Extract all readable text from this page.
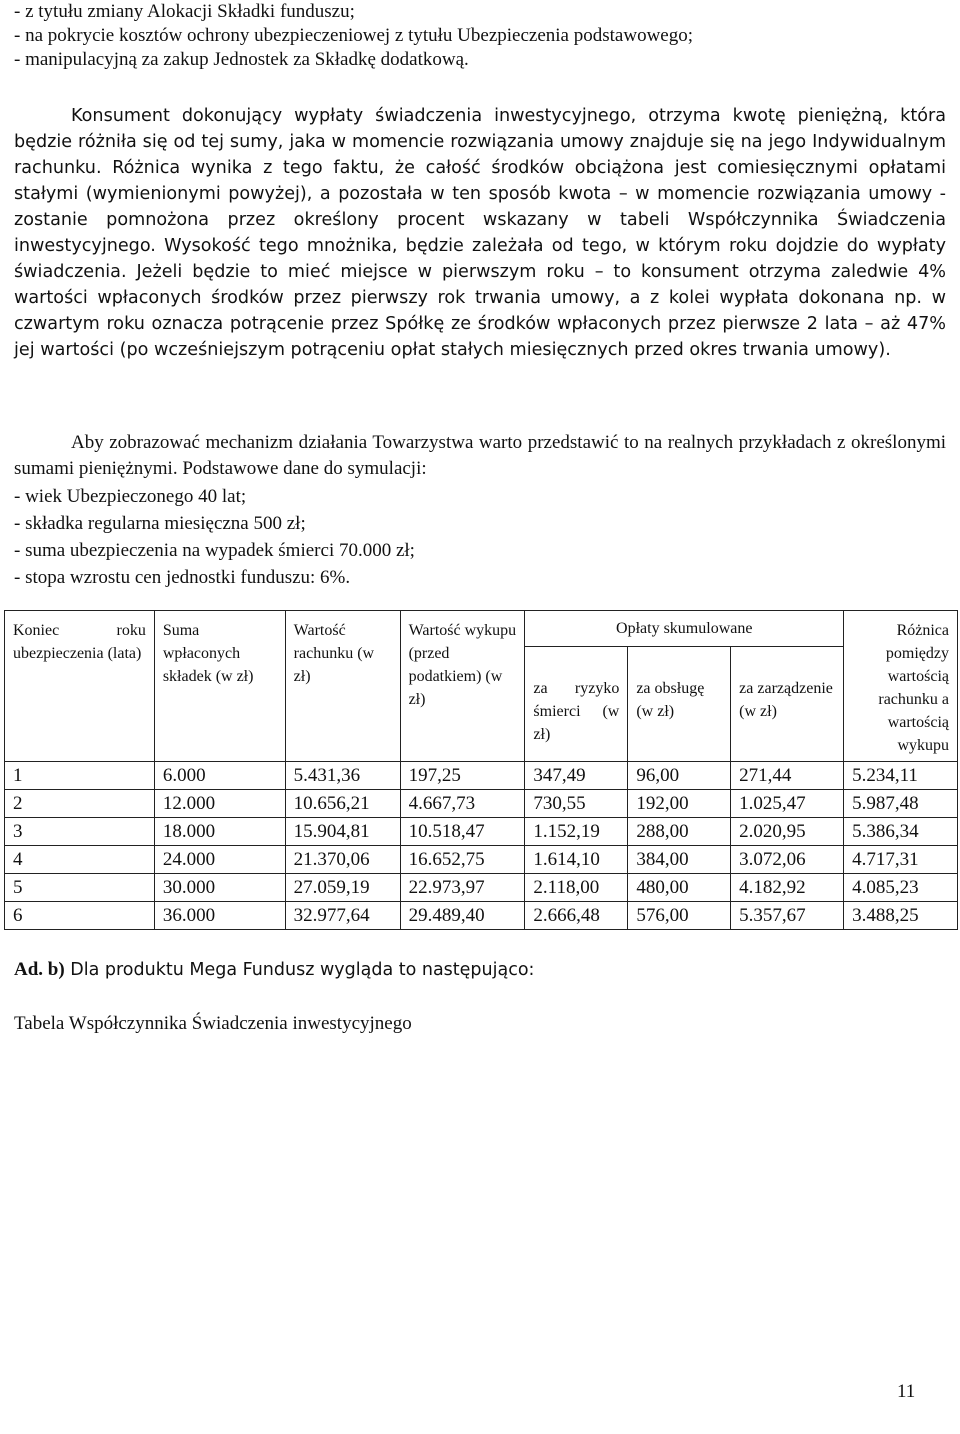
- z tytułu zmiany Alokacji Składki funduszu;
- na pokrycie kosztów ochrony ubezpieczeniowej z tytułu Ubezpieczenia podstawowego;
- manipulacyjną za zakup Jednostek za Składkę dodatkową.

Konsument dokonujący wypłaty świadczenia inwestycyjnego, otrzyma kwotę pieniężną, która będzie różniła się od tej sumy, jaka w momencie rozwiązania umowy znajduje się na jego Indywidualnym rachunku. Różnica wynika z tego faktu, że całość środków obciążona jest comiesięcznymi opłatami stałymi (wymienionymi powyżej), a pozostała w ten sposób kwota – w momencie rozwiązania umowy - zostanie pomnożona przez określony procent wskazany w tabeli Współczynnika Świadczenia inwestycyjnego. Wysokość tego mnożnika, będzie zależała od tego, w którym roku dojdzie do wypłaty świadczenia. Jeżeli będzie to mieć miejsce w pierwszym roku – to konsument otrzyma zaledwie 4% wartości wpłaconych środków przez pierwszy rok trwania umowy, a z kolei wypłata dokonana np. w czwartym roku oznacza potrącenie przez Spółkę ze środków wpłaconych przez pierwsze 2 lata – aż 47% jej wartości (po wcześniejszym potrąceniu opłat stałych miesięcznych przed okres trwania umowy).

Aby zobrazować mechanizm działania Towarzystwa warto przedstawić to na realnych przykładach z określonymi sumami pieniężnymi. Podstawowe dane do symulacji:

- wiek Ubezpieczonego 40 lat;
- składka regularna miesięczna 500 zł;
- suma ubezpieczenia na wypadek śmierci 70.000 zł;
- stopa wzrostu cen jednostki funduszu: 6%.
Koniec roku ubezpieczenia (lata)	Suma wpłaconych składek (w zł)	Wartość rachunku (w zł)	Wartość wykupu (przed podatkiem) (w zł)	Opłaty skumulowane			Różnica pomiędzy wartością rachunku a wartością wykupu
				za ryzyko śmierci (w zł)	za obsługę (w zł)	za zarządzenie (w zł)	
1	6.000	5.431,36	197,25	347,49	96,00	271,44	5.234,11
2	12.000	10.656,21	4.667,73	730,55	192,00	1.025,47	5.987,48
3	18.000	15.904,81	10.518,47	1.152,19	288,00	2.020,95	5.386,34
4	24.000	21.370,06	16.652,75	1.614,10	384,00	3.072,06	4.717,31
5	30.000	27.059,19	22.973,97	2.118,00	480,00	4.182,92	4.085,23
6	36.000	32.977,64	29.489,40	2.666,48	576,00	5.357,67	3.488,25
Ad. b) Dla produktu Mega Fundusz wygląda to następująco:
Tabela Współczynnika Świadczenia inwestycyjnego
11
